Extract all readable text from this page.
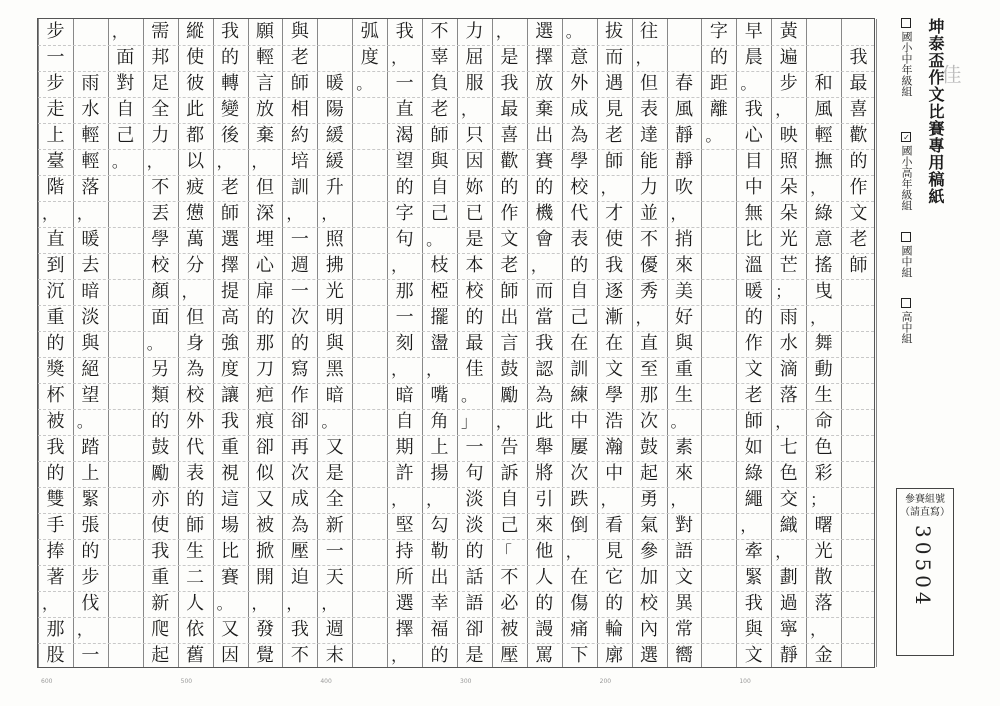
我
最
喜
歡
的
作
文
老
師
和
風
輕
撫
，
綠
意
搖
曳
，
舞
動
生
命
色
彩
；
曙
光
散
落
，
金
黃
遍
步
，
映
照
朵
朵
光
芒
；
雨
水
滴
落
，
七
色
交
織
，
劃
過
寧
靜
早
晨
。
我
心
目
中
無
比
溫
暖
的
作
文
老
師
如
綠
繩
，
牽
緊
我
與
文
字
的
距
離
。
春
風
靜
靜
吹
，
捎
來
美
好
與
重
生
。
素
來
，
對
語
文
異
常
嚮
往
，
但
表
達
能
力
並
不
優
秀
，
直
至
那
次
鼓
起
勇
氣
參
加
校
內
選
拔
而
遇
見
老
師
，
才
使
我
逐
漸
在
文
學
浩
瀚
中
，
看
見
它
的
輪
廓
。
意
外
成
為
學
校
代
表
的
自
己
在
訓
練
中
屢
次
跌
倒
，
在
傷
痛
下
選
擇
放
棄
出
賽
的
機
會
，
而
當
我
認
為
此
舉
將
引
來
他
人
的
謾
罵
，
是
我
最
喜
歡
的
作
文
老
師
出
言
鼓
勵
，
告
訴
自
己
「
不
必
被
壓
力
屈
服
，
只
因
妳
已
是
本
校
的
最
佳
。
」
一
句
淡
淡
的
話
語
卻
是
不
辜
負
老
師
與
自
己
。
枝
椏
擺
盪
，
嘴
角
上
揚
，
勾
勒
出
幸
福
的
我
，
一
直
渴
望
的
字
句
，
那
一
刻
，
暗
自
期
許
，
堅
持
所
選
擇
，
弧
度
。
暖
陽
緩
緩
升
，
照
拂
光
明
與
黑
暗
。
又
是
全
新
一
天
，
週
末
與
老
師
相
約
培
訓
，
一
週
一
次
的
寫
作
卻
再
次
成
為
壓
迫
，
我
不
願
輕
言
放
棄
，
但
深
埋
心
扉
的
那
刀
疤
痕
卻
似
又
被
掀
開
，
發
覺
我
的
轉
變
後
，
老
師
選
擇
提
高
強
度
讓
我
重
視
這
場
比
賽
。
又
因
縱
使
彼
此
都
以
疲
憊
萬
分
，
但
身
為
校
外
代
表
的
師
生
二
人
依
舊
需
邦
足
全
力
，
不
丟
學
校
顏
面
。
另
類
的
鼓
勵
亦
使
我
重
新
爬
起
，
面
對
自
己
。
雨
水
輕
輕
落
，
暖
去
暗
淡
與
絕
望
。
踏
上
緊
張
的
步
伐
，
一
步
一
步
走
上
臺
階
，
直
到
沉
重
的
獎
杯
被
我
的
雙
手
捧
著
，
那
股
600	500	400	300	200	100
坤泰盃作文比賽專用稿紙
佳
國小中年級組
✓國小高年級組
國中組
高中組
參賽組號（請直寫）
30504
